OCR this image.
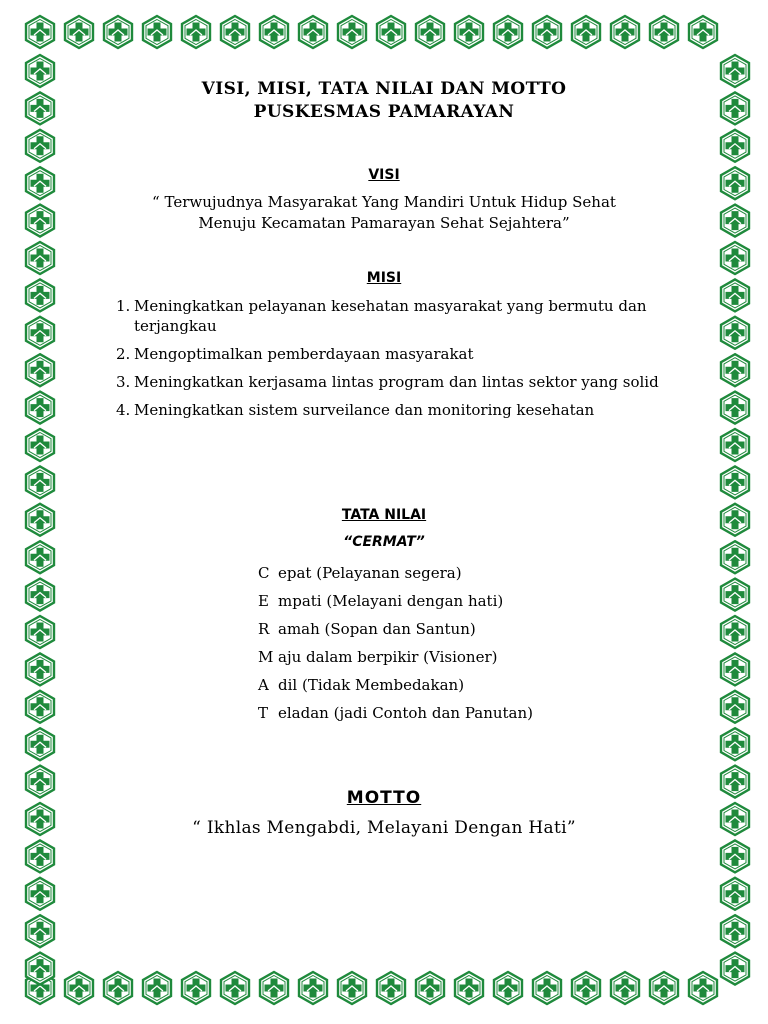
VISI, MISI, TATA NILAI DAN MOTTO
PUSKESMAS PAMARAYAN
VISI

“ Terwujudnya Masyarakat Yang Mandiri Untuk Hidup Sehat

Menuju Kecamatan Pamarayan Sehat Sejahtera”

MISI
1. Meningkatkan pelayanan kesehatan masyarakat yang bermutu dan terjangkau
2. Mengoptimalkan pemberdayaan masyarakat
3. Meningkatkan kerjasama lintas program dan lintas sektor yang solid
4. Meningkatkan sistem surveilance dan monitoring kesehatan
TATA NILAI

“CERMAT”

C epat (Pelayanan segera)
E mpati (Melayani dengan hati)
R amah (Sopan dan Santun)
M aju dalam berpikir (Visioner)
A dil (Tidak Membedakan)
T eladan (jadi Contoh dan Panutan)
MOTTO

“ Ikhlas Mengabdi, Melayani Dengan Hati”
